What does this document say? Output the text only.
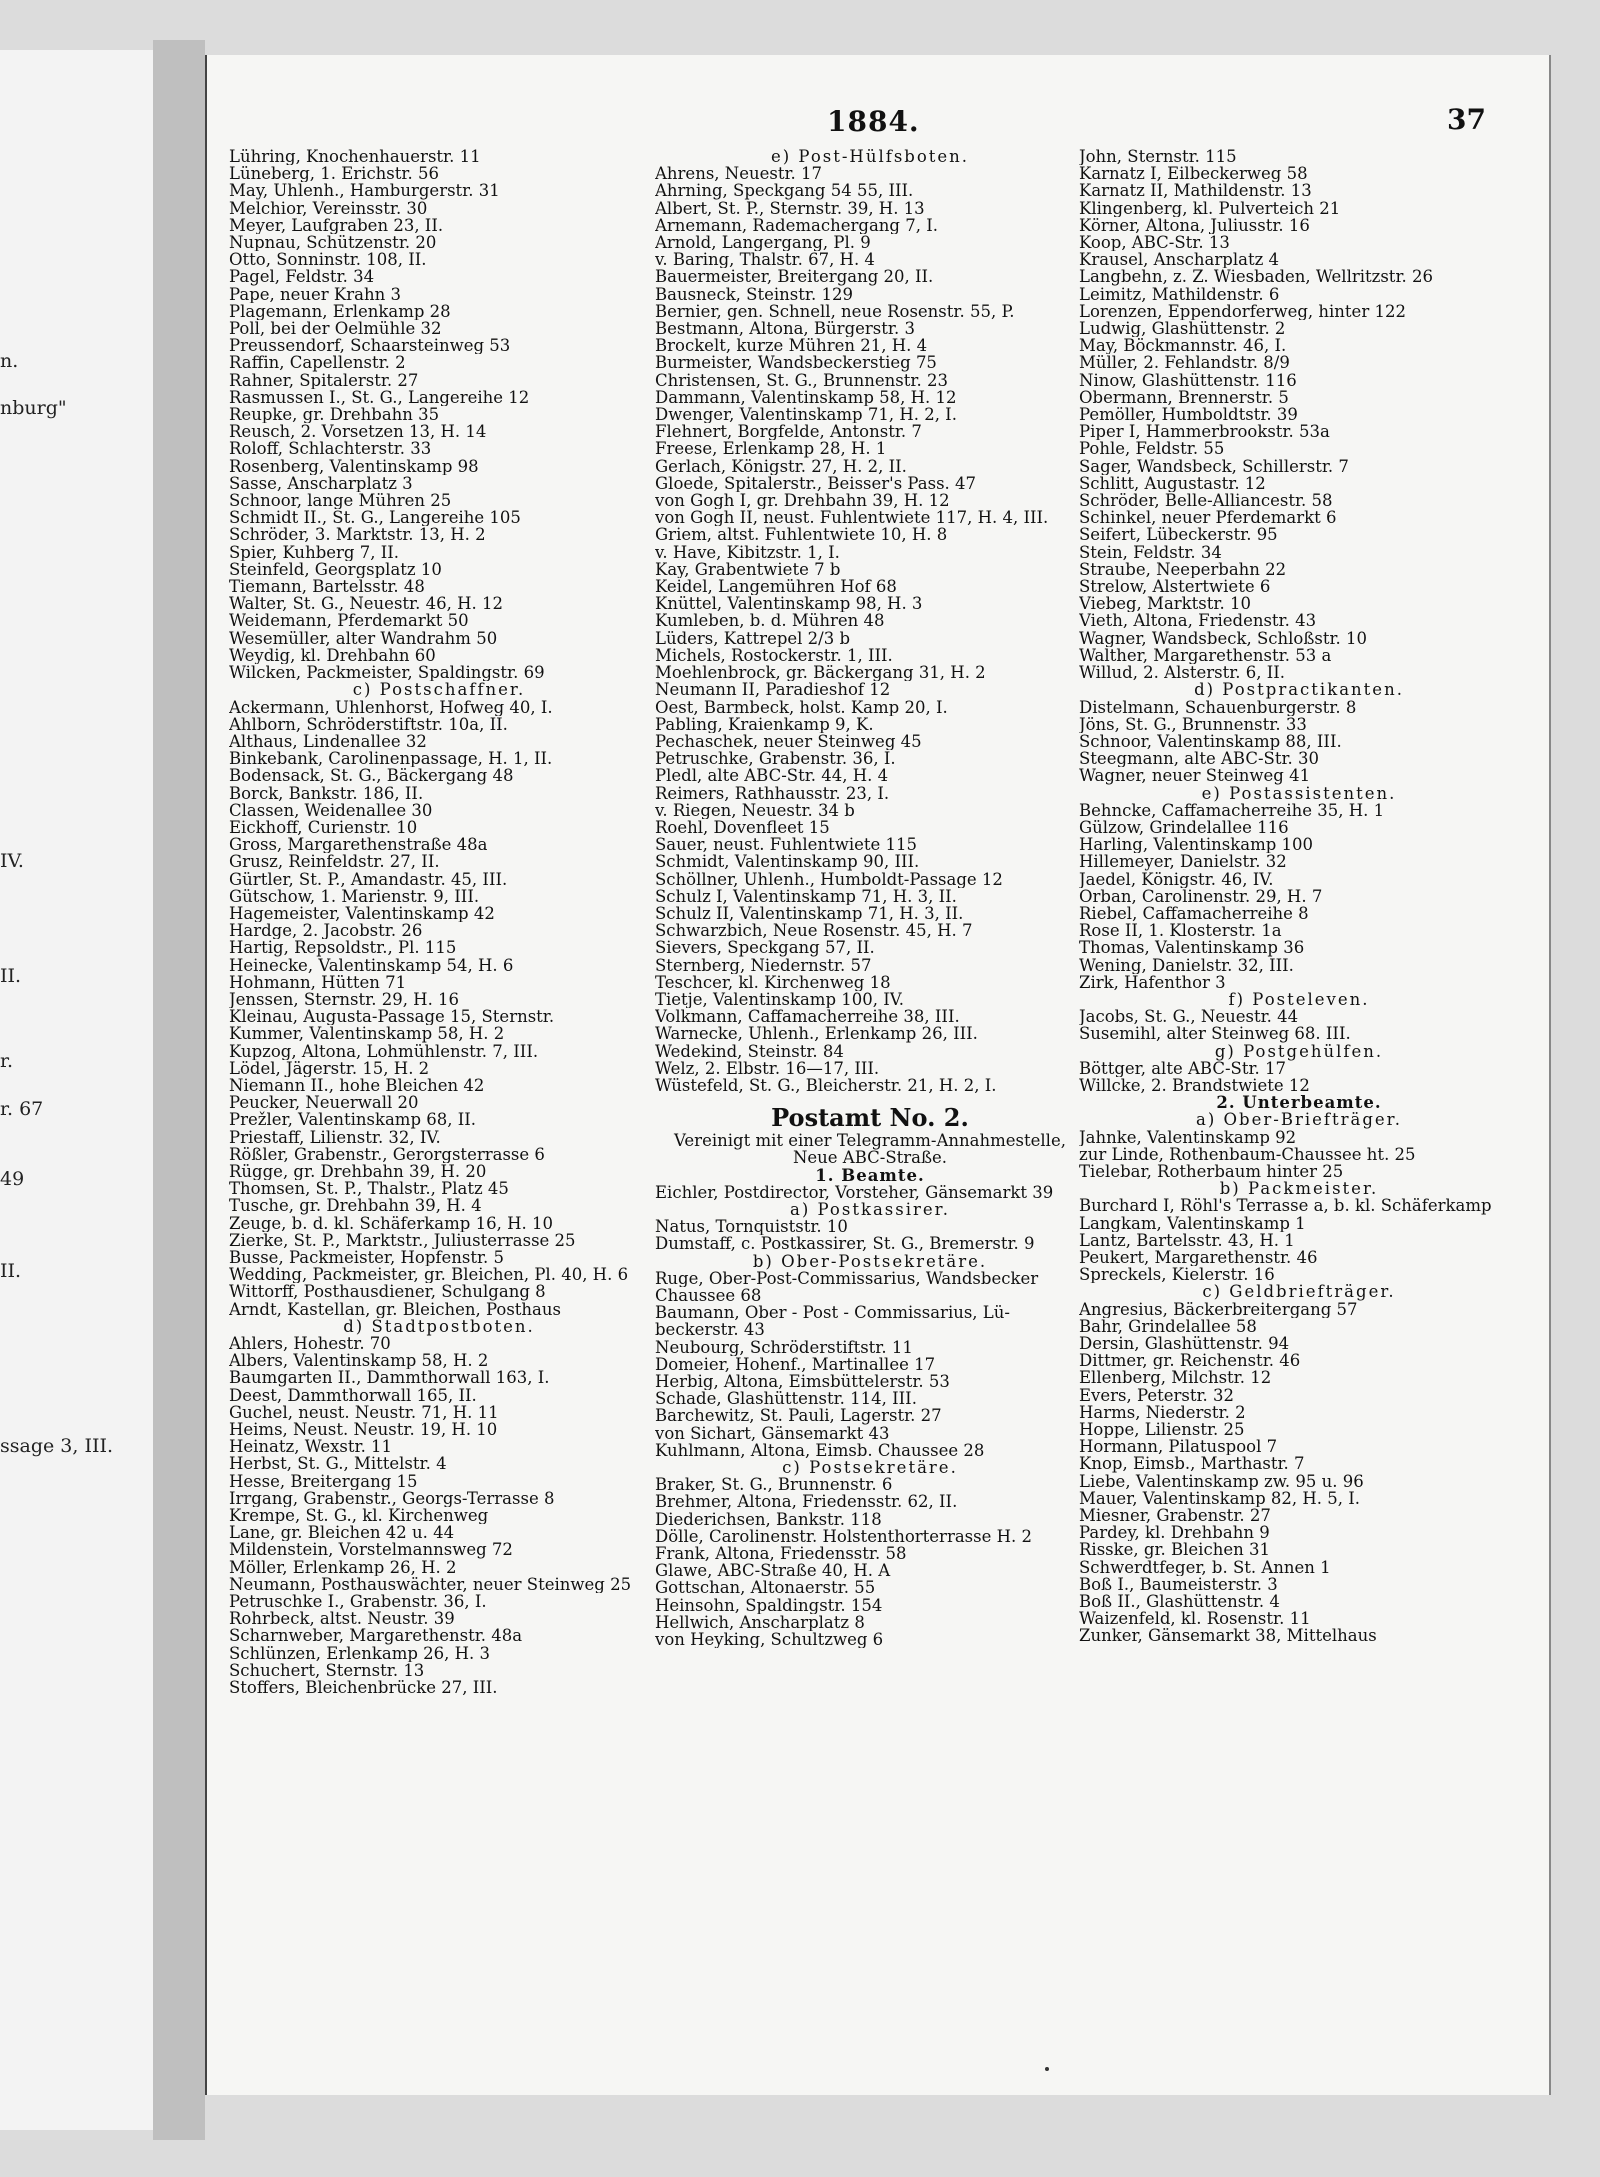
n.
nburg"
IV.
II.
r.
r. 67
49
II.
ssage 3, III.
1884.	37
Lühring, Knochenhauerstr. 11
Lüneberg, 1. Erichstr. 56
May, Uhlenh., Hamburgerstr. 31
Melchior, Vereinsstr. 30
Meyer, Laufgraben 23, II.
Nupnau, Schützenstr. 20
Otto, Sonninstr. 108, II.
Pagel, Feldstr. 34
Pape, neuer Krahn 3
Plagemann, Erlenkamp 28
Poll, bei der Oelmühle 32
Preussendorf, Schaarsteinweg 53
Raffin, Capellenstr. 2
Rahner, Spitalerstr. 27
Rasmussen I., St. G., Langereihe 12
Reupke, gr. Drehbahn 35
Reusch, 2. Vorsetzen 13, H. 14
Roloff, Schlachterstr. 33
Rosenberg, Valentinskamp 98
Sasse, Anscharplatz 3
Schnoor, lange Mühren 25
Schmidt II., St. G., Langereihe 105
Schröder, 3. Marktstr. 13, H. 2
Spier, Kuhberg 7, II.
Steinfeld, Georgsplatz 10
Tiemann, Bartelsstr. 48
Walter, St. G., Neuestr. 46, H. 12
Weidemann, Pferdemarkt 50
Wesemüller, alter Wandrahm 50
Weydig, kl. Drehbahn 60
Wilcken, Packmeister, Spaldingstr. 69
c) Postschaffner.
Ackermann, Uhlenhorst, Hofweg 40, I.
Ahlborn, Schröderstiftstr. 10a, II.
Althaus, Lindenallee 32
Binkebank, Carolinenpassage, H. 1, II.
Bodensack, St. G., Bäckergang 48
Borck, Bankstr. 186, II.
Classen, Weidenallee 30
Eickhoff, Curienstr. 10
Gross, Margarethenstraße 48a
Grusz, Reinfeldstr. 27, II.
Gürtler, St. P., Amandastr. 45, III.
Gütschow, 1. Marienstr. 9, III.
Hagemeister, Valentinskamp 42
Hardge, 2. Jacobstr. 26
Hartig, Repsoldstr., Pl. 115
Heinecke, Valentinskamp 54, H. 6
Hohmann, Hütten 71
Jenssen, Sternstr. 29, H. 16
Kleinau, Augusta-Passage 15, Sternstr.
Kummer, Valentinskamp 58, H. 2
Kupzog, Altona, Lohmühlenstr. 7, III.
Lödel, Jägerstr. 15, H. 2
Niemann II., hohe Bleichen 42
Peucker, Neuerwall 20
Prežler, Valentinskamp 68, II.
Priestaff, Lilienstr. 32, IV.
Rößler, Grabenstr., Gerorgsterrasse 6
Rügge, gr. Drehbahn 39, H. 20
Thomsen, St. P., Thalstr., Platz 45
Tusche, gr. Drehbahn 39, H. 4
Zeuge, b. d. kl. Schäferkamp 16, H. 10
Zierke, St. P., Marktstr., Juliusterrasse 25
Busse, Packmeister, Hopfenstr. 5
Wedding, Packmeister, gr. Bleichen, Pl. 40, H. 6
Wittorff, Posthausdiener, Schulgang 8
Arndt, Kastellan, gr. Bleichen, Posthaus
d) Stadtpostboten.
Ahlers, Hohestr. 70
Albers, Valentinskamp 58, H. 2
Baumgarten II., Dammthorwall 163, I.
Deest, Dammthorwall 165, II.
Guchel, neust. Neustr. 71, H. 11
Heims, Neust. Neustr. 19, H. 10
Heinatz, Wexstr. 11
Herbst, St. G., Mittelstr. 4
Hesse, Breitergang 15
Irrgang, Grabenstr., Georgs-Terrasse 8
Krempe, St. G., kl. Kirchenweg
Lane, gr. Bleichen 42 u. 44
Mildenstein, Vorstelmannsweg 72
Möller, Erlenkamp 26, H. 2
Neumann, Posthauswächter, neuer Steinweg 25
Petruschke I., Grabenstr. 36, I.
Rohrbeck, altst. Neustr. 39
Scharnweber, Margarethenstr. 48a
Schlünzen, Erlenkamp 26, H. 3
Schuchert, Sternstr. 13
Stoffers, Bleichenbrücke 27, III.
e) Post-Hülfsboten.
Ahrens, Neuestr. 17
Ahrning, Speckgang 54 55, III.
Albert, St. P., Sternstr. 39, H. 13
Arnemann, Rademachergang 7, I.
Arnold, Langergang, Pl. 9
v. Baring, Thalstr. 67, H. 4
Bauermeister, Breitergang 20, II.
Bausneck, Steinstr. 129
Bernier, gen. Schnell, neue Rosenstr. 55, P.
Bestmann, Altona, Bürgerstr. 3
Brockelt, kurze Mühren 21, H. 4
Burmeister, Wandsbeckerstieg 75
Christensen, St. G., Brunnenstr. 23
Dammann, Valentinskamp 58, H. 12
Dwenger, Valentinskamp 71, H. 2, I.
Flehnert, Borgfelde, Antonstr. 7
Freese, Erlenkamp 28, H. 1
Gerlach, Königstr. 27, H. 2, II.
Gloede, Spitalerstr., Beisser's Pass. 47
von Gogh I, gr. Drehbahn 39, H. 12
von Gogh II, neust. Fuhlentwiete 117, H. 4, III.
Griem, altst. Fuhlentwiete 10, H. 8
v. Have, Kibitzstr. 1, I.
Kay, Grabentwiete 7 b
Keidel, Langemühren Hof 68
Knüttel, Valentinskamp 98, H. 3
Kumleben, b. d. Mühren 48
Lüders, Kattrepel 2/3 b
Michels, Rostockerstr. 1, III.
Moehlenbrock, gr. Bäckergang 31, H. 2
Neumann II, Paradieshof 12
Oest, Barmbeck, holst. Kamp 20, I.
Pabling, Kraienkamp 9, K.
Pechaschek, neuer Steinweg 45
Petruschke, Grabenstr. 36, I.
Pledl, alte ABC-Str. 44, H. 4
Reimers, Rathhausstr. 23, I.
v. Riegen, Neuestr. 34 b
Roehl, Dovenfleet 15
Sauer, neust. Fuhlentwiete 115
Schmidt, Valentinskamp 90, III.
Schöllner, Uhlenh., Humboldt-Passage 12
Schulz I, Valentinskamp 71, H. 3, II.
Schulz II, Valentinskamp 71, H. 3, II.
Schwarzbich, Neue Rosenstr. 45, H. 7
Sievers, Speckgang 57, II.
Sternberg, Niedernstr. 57
Teschcer, kl. Kirchenweg 18
Tietje, Valentinskamp 100, IV.
Volkmann, Caffamacherreihe 38, III.
Warnecke, Uhlenh., Erlenkamp 26, III.
Wedekind, Steinstr. 84
Welz, 2. Elbstr. 16—17, III.
Wüstefeld, St. G., Bleicherstr. 21, H. 2, I.
Postamt No. 2.
Vereinigt mit einer Telegramm-Annahmestelle,
Neue ABC-Straße.
1. Beamte.
Eichler, Postdirector, Vorsteher, Gänsemarkt 39
a) Postkassirer.
Natus, Tornquiststr. 10
Dumstaff, c. Postkassirer, St. G., Bremerstr. 9
b) Ober-Postsekretäre.
Ruge, Ober-Post-Commissarius, Wandsbecker
Chaussee 68
Baumann, Ober - Post - Commissarius, Lü-
beckerstr. 43
Neubourg, Schröderstiftstr. 11
Domeier, Hohenf., Martinallee 17
Herbig, Altona, Eimsbüttelerstr. 53
Schade, Glashüttenstr. 114, III.
Barchewitz, St. Pauli, Lagerstr. 27
von Sichart, Gänsemarkt 43
Kuhlmann, Altona, Eimsb. Chaussee 28
c) Postsekretäre.
Braker, St. G., Brunnenstr. 6
Brehmer, Altona, Friedensstr. 62, II.
Diederichsen, Bankstr. 118
Dölle, Carolinenstr. Holstenthorterrasse H. 2
Frank, Altona, Friedensstr. 58
Glawe, ABC-Straße 40, H. A
Gottschan, Altonaerstr. 55
Heinsohn, Spaldingstr. 154
Hellwich, Anscharplatz 8
von Heyking, Schultzweg 6
John, Sternstr. 115
Karnatz I, Eilbeckerweg 58
Karnatz II, Mathildenstr. 13
Klingenberg, kl. Pulverteich 21
Körner, Altona, Juliusstr. 16
Koop, ABC-Str. 13
Krausel, Anscharplatz 4
Langbehn, z. Z. Wiesbaden, Wellritzstr. 26
Leimitz, Mathildenstr. 6
Lorenzen, Eppendorferweg, hinter 122
Ludwig, Glashüttenstr. 2
May, Böckmannstr. 46, I.
Müller, 2. Fehlandstr. 8/9
Ninow, Glashüttenstr. 116
Obermann, Brennerstr. 5
Pemöller, Humboldtstr. 39
Piper I, Hammerbrookstr. 53a
Pohle, Feldstr. 55
Sager, Wandsbeck, Schillerstr. 7
Schlitt, Augustastr. 12
Schröder, Belle-Alliancestr. 58
Schinkel, neuer Pferdemarkt 6
Seifert, Lübeckerstr. 95
Stein, Feldstr. 34
Straube, Neeperbahn 22
Strelow, Alstertwiete 6
Viebeg, Marktstr. 10
Vieth, Altona, Friedenstr. 43
Wagner, Wandsbeck, Schloßstr. 10
Walther, Margarethenstr. 53 a
Willud, 2. Alsterstr. 6, II.
d) Postpractikanten.
Distelmann, Schauenburgerstr. 8
Jöns, St. G., Brunnenstr. 33
Schnoor, Valentinskamp 88, III.
Steegmann, alte ABC-Str. 30
Wagner, neuer Steinweg 41
e) Postassistenten.
Behncke, Caffamacherreihe 35, H. 1
Gülzow, Grindelallee 116
Harling, Valentinskamp 100
Hillemeyer, Danielstr. 32
Jaedel, Königstr. 46, IV.
Orban, Carolinenstr. 29, H. 7
Riebel, Caffamacherreihe 8
Rose II, 1. Klosterstr. 1a
Thomas, Valentinskamp 36
Wening, Danielstr. 32, III.
Zirk, Hafenthor 3
f) Posteleven.
Jacobs, St. G., Neuestr. 44
Susemihl, alter Steinweg 68. III.
g) Postgehülfen.
Böttger, alte ABC-Str. 17
Willcke, 2. Brandstwiete 12
2. Unterbeamte.
a) Ober-Briefträger.
Jahnke, Valentinskamp 92
zur Linde, Rothenbaum-Chaussee ht. 25
Tielebar, Rotherbaum hinter 25
b) Packmeister.
Burchard I, Röhl's Terrasse a, b. kl. Schäferkamp
Langkam, Valentinskamp 1
Lantz, Bartelsstr. 43, H. 1
Peukert, Margarethenstr. 46
Spreckels, Kielerstr. 16
c) Geldbriefträger.
Angresius, Bäckerbreitergang 57
Bahr, Grindelallee 58
Dersin, Glashüttenstr. 94
Dittmer, gr. Reichenstr. 46
Ellenberg, Milchstr. 12
Evers, Peterstr. 32
Harms, Niederstr. 2
Hoppe, Lilienstr. 25
Hormann, Pilatuspool 7
Knop, Eimsb., Marthastr. 7
Liebe, Valentinskamp zw. 95 u. 96
Mauer, Valentinskamp 82, H. 5, I.
Miesner, Grabenstr. 27
Pardey, kl. Drehbahn 9
Risske, gr. Bleichen 31
Schwerdtfeger, b. St. Annen 1
Boß I., Baumeisterstr. 3
Boß II., Glashüttenstr. 4
Waizenfeld, kl. Rosenstr. 11
Zunker, Gänsemarkt 38, Mittelhaus
